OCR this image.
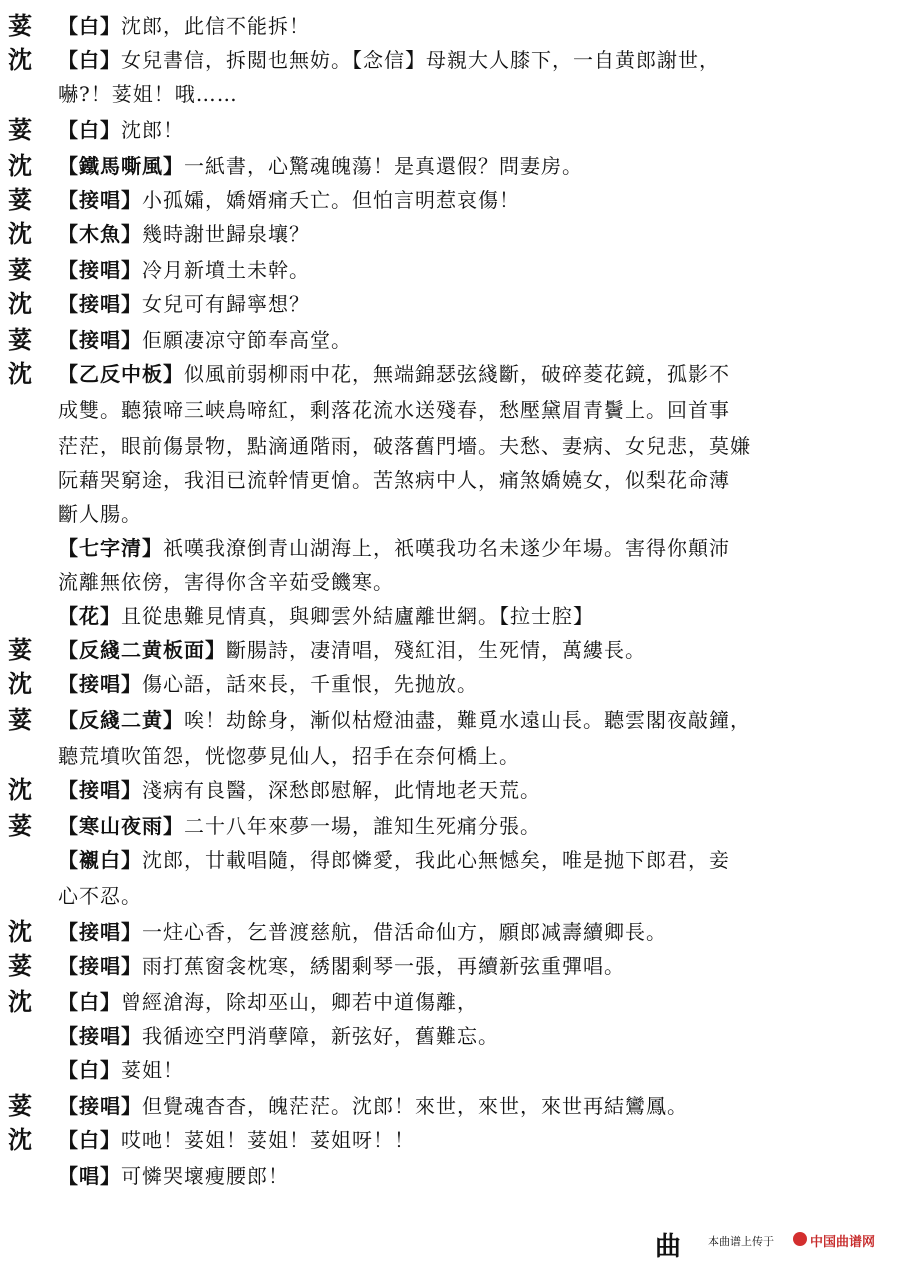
荽 【白】沈郎，此信不能拆！
沈 【白】女兒書信，拆閲也無妨。【念信】母親大人膝下，一自黄郎謝世，
嚇?！荽姐！哦……
荽 【白】沈郎！
沈 【鐵馬嘶風】一紙書，心驚魂魄蕩！是真還假？問妻房。
荽 【接唱】小孤孀，嬌婿痛夭亡。但怕言明惹哀傷！
沈 【木魚】幾時謝世歸泉壤？
荽 【接唱】冷月新墳土未幹。
沈 【接唱】女兒可有歸寧想？
荽 【接唱】佢願凄凉守節奉高堂。
沈 【乙反中板】似風前弱柳雨中花，無端錦瑟弦綫斷，破碎菱花鏡，孤影不
成雙。聽猿啼三峡鳥啼紅，剩落花流水送殘春，愁壓黛眉青鬢上。回首事
茫茫，眼前傷景物，點滴通階雨，破落舊門墻。夫愁、妻病、女兒悲，莫嫌
阮藉哭窮途，我泪已流幹情更愴。苦煞病中人，痛煞嬌嬈女，似梨花命薄
斷人腸。
【七字清】祇嘆我潦倒青山湖海上，祇嘆我功名未遂少年場。害得你顛沛
流離無依傍，害得你含辛茹受饑寒。
【花】且從患難見情真，與卿雲外結廬離世網。【拉士腔】
荽 【反綫二黄板面】斷腸詩，凄清唱，殘紅泪，生死情，萬縷長。
沈 【接唱】傷心語，話來長，千重恨，先抛放。
荽 【反綫二黄】唉！劫餘身，漸似枯燈油盡，難覓水遠山長。聽雲閣夜敲鐘，
聽荒墳吹笛怨，恍惚夢見仙人，招手在奈何橋上。
沈 【接唱】淺病有良醫，深愁郎慰解，此情地老天荒。
荽 【寒山夜雨】二十八年來夢一場，誰知生死痛分張。
【襯白】沈郎，廿載唱隨，得郎憐愛，我此心無憾矣，唯是抛下郎君，妾
心不忍。
沈 【接唱】一炷心香，乞普渡慈航，借活命仙方，願郎减壽續卿長。
荽 【接唱】雨打蕉窗衾枕寒，綉閣剩琴一張，再續新弦重彈唱。
沈 【白】曾經滄海，除却巫山，卿若中道傷離，
【接唱】我循迹空門消孽障，新弦好，舊難忘。
【白】荽姐！
荽 【接唱】但覺魂杳杳，魄茫茫。沈郎！來世，來世，來世再結鸞鳳。
沈 【白】哎吔！荽姐！荽姐！荽姐呀！！
【唱】可憐哭壞瘦腰郎！
曲 本曲谱上传于	中国曲谱网
